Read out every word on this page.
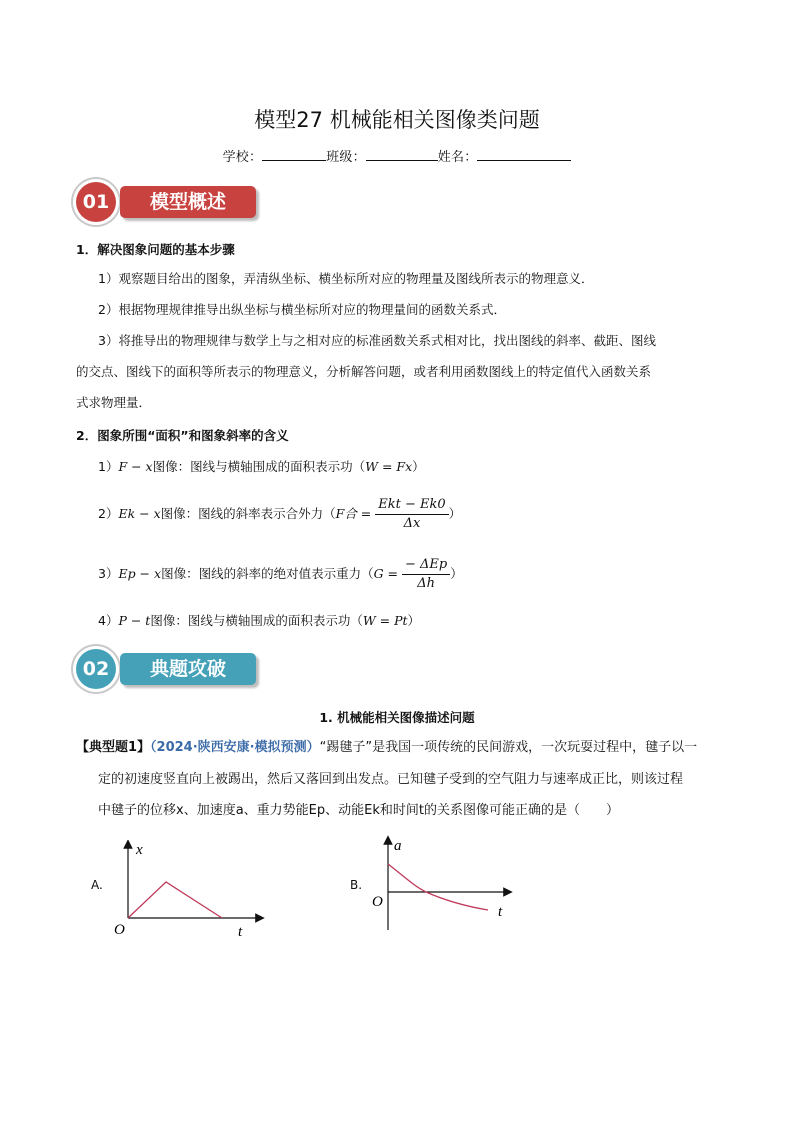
模型27 机械能相关图像类问题
学校：	班级：	姓名：
01	模型概述
1．解决图象问题的基本步骤
1）观察题目给出的图象，弄清纵坐标、横坐标所对应的物理量及图线所表示的物理意义．
2）根据物理规律推导出纵坐标与横坐标所对应的物理量间的函数关系式．
3）将推导出的物理规律与数学上与之相对应的标准函数关系式相对比，找出图线的斜率、截距、图线
的交点、图线下的面积等所表示的物理意义，分析解答问题，或者利用函数图线上的特定值代入函数关系
式求物理量．
2．图象所围“面积”和图象斜率的含义
1）F − x图像：图线与横轴围成的面积表示功（W = Fx）
2）Ek − x图像：图线的斜率表示合外力（F合 = $\frac{\text{Ekt − Ek0}}{\Delta x}$ ）
3）Ep − x图像：图线的斜率的绝对值表示重力（$G = \frac{\text{− ΔEp}}{\Delta h}$ ）
4）P − t图像：图线与横轴围成的面积表示功（W = Pt）
02	典题攻破
1. 机械能相关图像描述问题
【典型题1】（2024·陕西安康·模拟预测）“踢毽子”是我国一项传统的民间游戏，一次玩耍过程中，毽子以一
定的初速度竖直向上被踢出，然后又落回到出发点。已知毽子受到的空气阻力与速率成正比，则该过程
中毽子的位移x、加速度a、重力势能Ep、动能Ek和时间t的关系图像可能正确的是（　　）
A.
x
t
O
B.
a
t
O
